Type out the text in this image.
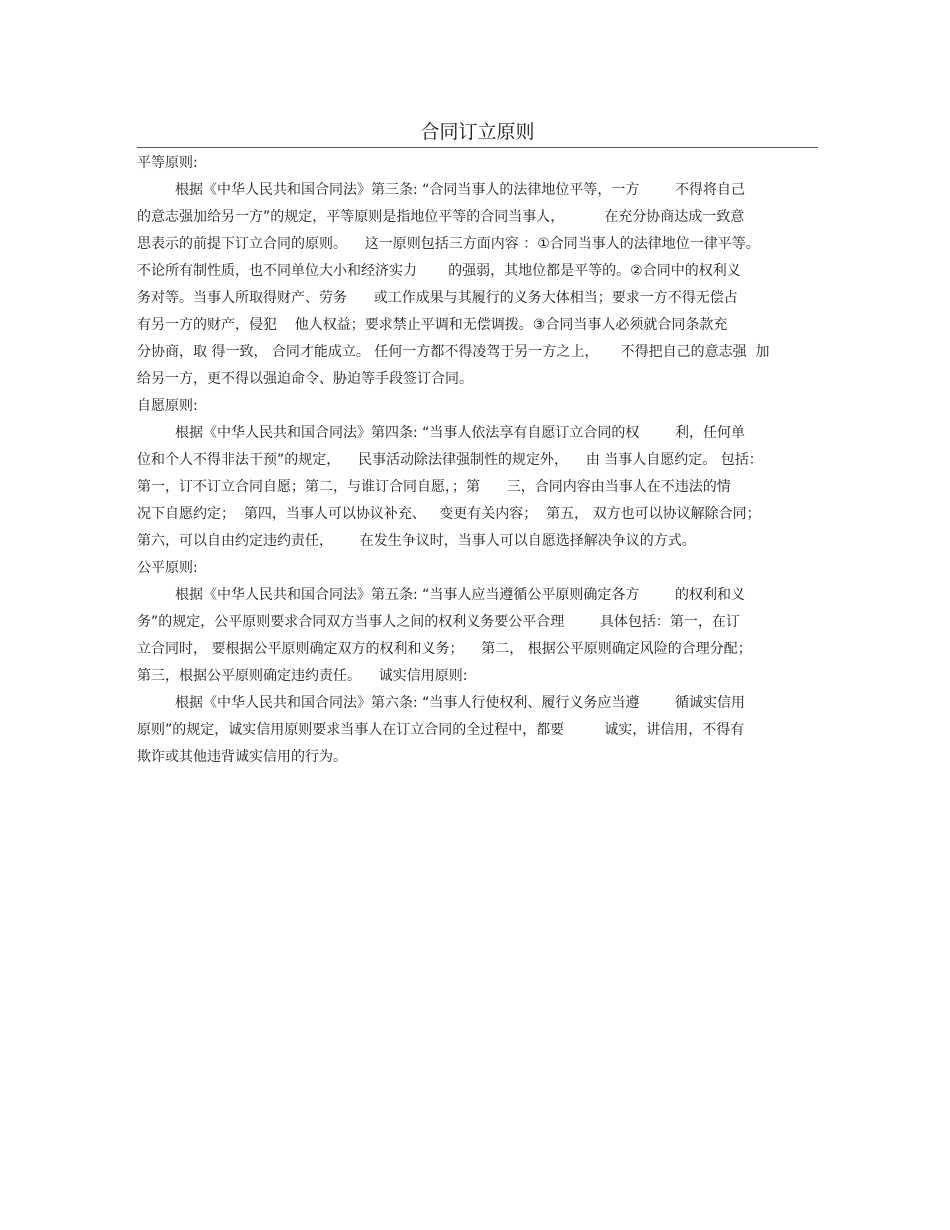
合同订立原则
平等原则:
根据《中华人民共和国合同法》第三条: “合同当事人的法律地位平等，一方        不得将自己
的意志强加给另一方”的规定，平等原则是指地位平等的合同当事人，         在充分协商达成一致意
思表示的前提下订立合同的原则。    这一原则包括三方面内容 ：①合同当事人的法律地位一律平等。
不论所有制性质，也不同单位大小和经济实力       的强弱，其地位都是平等的。②合同中的权利义
务对等。当事人所取得财产、劳务      或工作成果与其履行的义务大体相当；要求一方不得无偿占
有另一方的财产，侵犯    他人权益；要求禁止平调和无偿调拨。③合同当事人必须就合同条款充
分协商，取 得一致， 合同才能成立。 任何一方都不得凌驾于另一方之上，     不得把自己的意志强  加
给另一方，更不得以强迫命令、胁迫等手段签订合同。
自愿原则:
根据《中华人民共和国合同法》第四条: “当事人依法享有自愿订立合同的权        利，任何单
位和个人不得非法干预”的规定，    民事活动除法律强制性的规定外，    由 当事人自愿约定。 包括：
第一，订不订立合同自愿；第二，与谁订合同自愿，；第      三，合同内容由当事人在不违法的情
况下自愿约定；  第四，当事人可以协议补充、   变更有关内容；  第五， 双方也可以协议解除合同；
第六，可以自由约定违约责任，      在发生争议时，当事人可以自愿选择解决争议的方式。
公平原则:
根据《中华人民共和国合同法》第五条: “当事人应当遵循公平原则确定各方        的权利和义
务”的规定，公平原则要求合同双方当事人之间的权利义务要公平合理        具体包括：第一，在订
立合同时， 要根据公平原则确定双方的权利和义务；    第二， 根据公平原则确定风险的合理分配；
第三，根据公平原则确定违约责任。    诚实信用原则:
根据《中华人民共和国合同法》第六条: “当事人行使权利、履行义务应当遵        循诚实信用
原则”的规定，诚实信用原则要求当事人在订立合同的全过程中，都要         诚实，讲信用，不得有
欺诈或其他违背诚实信用的行为。
